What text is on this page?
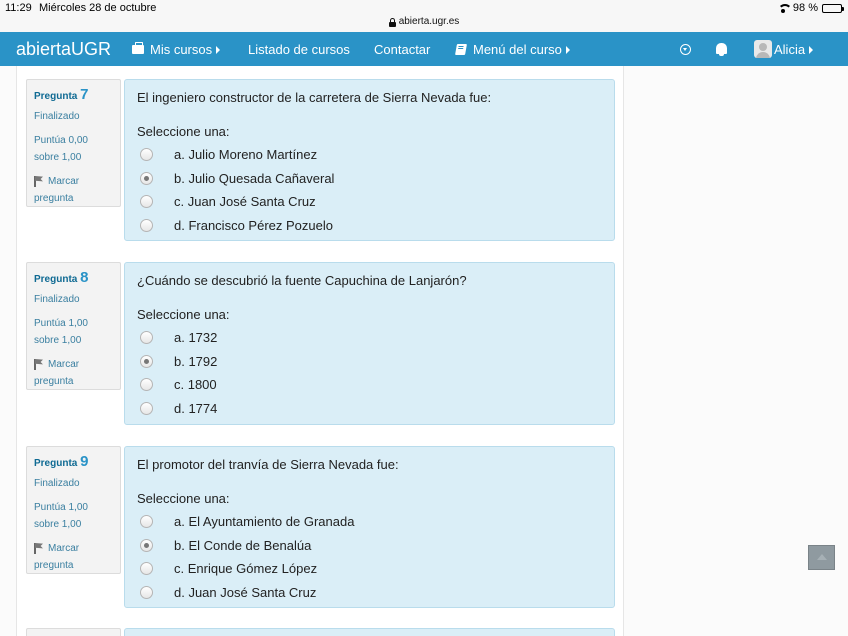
11:29 Miércoles 28 de octubre	98 %
abierta.ugr.es
abiertaUGR	Mis cursos	Listado de cursos Contactar	Menú del curso	Alicia
Pregunta 7
Finalizado
Puntúa 0,00
sobre 1,00
Marcar
pregunta
El ingeniero constructor de la carretera de Sierra Nevada fue:
Seleccione una:
a. Julio Moreno Martínez
b. Julio Quesada Cañaveral
c. Juan José Santa Cruz
d. Francisco Pérez Pozuelo
Pregunta 8
Finalizado
Puntúa 1,00
sobre 1,00
Marcar
pregunta
¿Cuándo se descubrió la fuente Capuchina de Lanjarón?
Seleccione una:
a. 1732
b. 1792
c. 1800
d. 1774
Pregunta 9
Finalizado
Puntúa 1,00
sobre 1,00
Marcar
pregunta
El promotor del tranvía de Sierra Nevada fue:
Seleccione una:
a. El Ayuntamiento de Granada
b. El Conde de Benalúa
c. Enrique Gómez López
d. Juan José Santa Cruz
